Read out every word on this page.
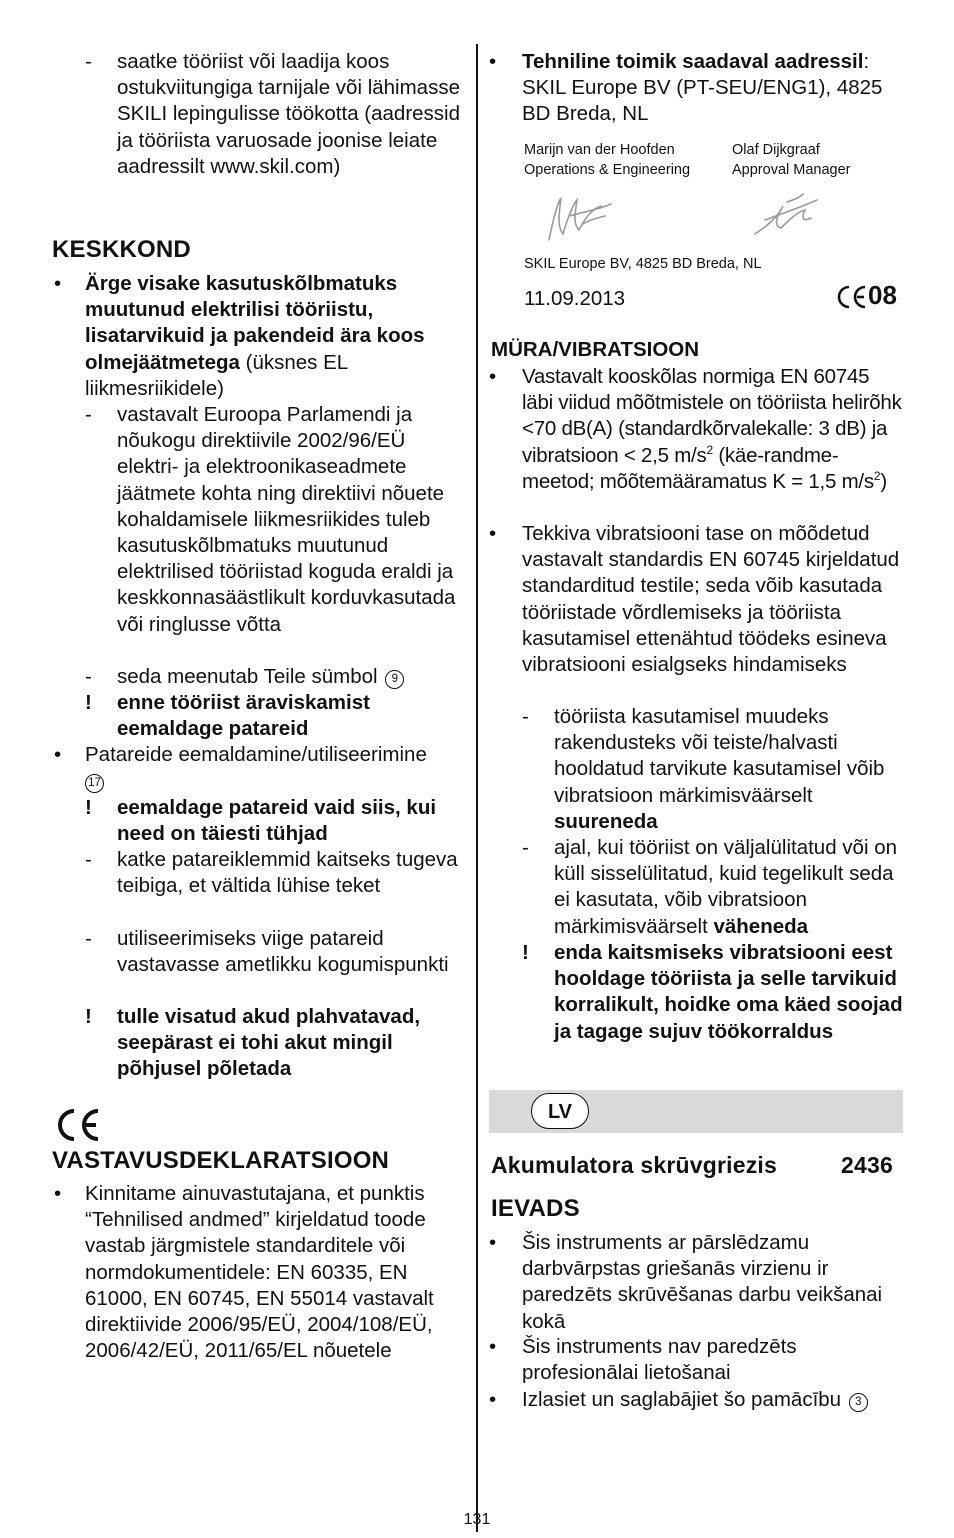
- saatke tööriist või laadija koos ostukviitungiga tarnijale või lähimasse SKILI lepingulisse töökotta (aadressid ja tööriista varuosade joonise leiate aadressilt www.skil.com)

KESKKOND
• Ärge visake kasutuskõlbmatuks muutunud elektrilisi tööriistu, lisatarvikuid ja pakendeid ära koos olmejäätmetega (üksnes EL liikmesriikidele)

- vastavalt Euroopa Parlamendi ja nõukogu direktiivile 2002/96/EÜ elektri- ja elektroonikaseadmete jäätmete kohta ning direktiivi nõuete kohaldamisele liikmesriikides tuleb kasutuskõlbmatuks muutunud elektrilised tööriistad koguda eraldi ja keskkonnasäästlikult korduvkasutada või ringlusse võtta

- seda meenutab Teile sümbol 9

! enne tööriist äraviskamist eemaldage patareid

• Patareide eemaldamine/utiliseerimine
17

! eemaldage patareid vaid siis, kui need on täiesti tühjad

- katke patareiklemmid kaitseks tugeva teibiga, et vältida lühise teket

- utiliseerimiseks viige patareid vastavasse ametlikku kogumispunkti

! tulle visatud akud plahvatavad, seepärast ei tohi akut mingil põhjusel põletada

VASTAVUSDEKLARATSIOON
• Kinnitame ainuvastutajana, et punktis “Tehnilised andmed” kirjeldatud toode vastab järgmistele standarditele või normdokumentidele: EN 60335, EN 61000, EN 60745, EN 55014 vastavalt direktiivide 2006/95/EÜ, 2004/108/EÜ, 2006/42/EÜ, 2011/65/EL nõuetele

• Tehniline toimik saadaval aadressil: SKIL Europe BV (PT-SEU/ENG1), 4825 BD Breda, NL

Marijn van der Hoofden
Operations & Engineering
Olaf Dijkgraaf
Approval Manager
SKIL Europe BV, 4825 BD Breda, NL
11.09.2013	08
MÜRA/VIBRATSIOON
• Vastavalt kooskõlas normiga EN 60745 läbi viidud mõõtmistele on tööriista helirõhk <70 dB(A) (standardkõrvalekalle: 3 dB) ja vibratsioon < 2,5 $m/s^2$ (käe-randme-meetod; mõõtemääramatus K = 1,5 $m/s^2$)

• Tekkiva vibratsiooni tase on mõõdetud vastavalt standardis EN 60745 kirjeldatud standarditud testile; seda võib kasutada tööriistade võrdlemiseks ja tööriista kasutamisel ettenähtud töödeks esineva vibratsiooni esialgseks hindamiseks

- tööriista kasutamisel muudeks rakendusteks või teiste/halvasti hooldatud tarvikute kasutamisel võib vibratsioon märkimisväärselt suureneda

- ajal, kui tööriist on väljalülitatud või on küll sisselülitatud, kuid tegelikult seda ei kasutata, võib vibratsioon märkimisväärselt väheneda

! enda kaitsmiseks vibratsiooni eest hooldage tööriista ja selle tarvikuid korralikult, hoidke oma käed soojad ja tagage sujuv töökorraldus

LV
Akumulatora skrūvgriezis	2436
IEVADS
• Šis instruments ar pārslēdzamu darbvārpstas griešanās virzienu ir paredzēts skrūvēšanas darbu veikšanai kokā

• Šis instruments nav paredzēts profesionālai lietošanai

• Izlasiet un saglabājiet šo pamācību 3

131
